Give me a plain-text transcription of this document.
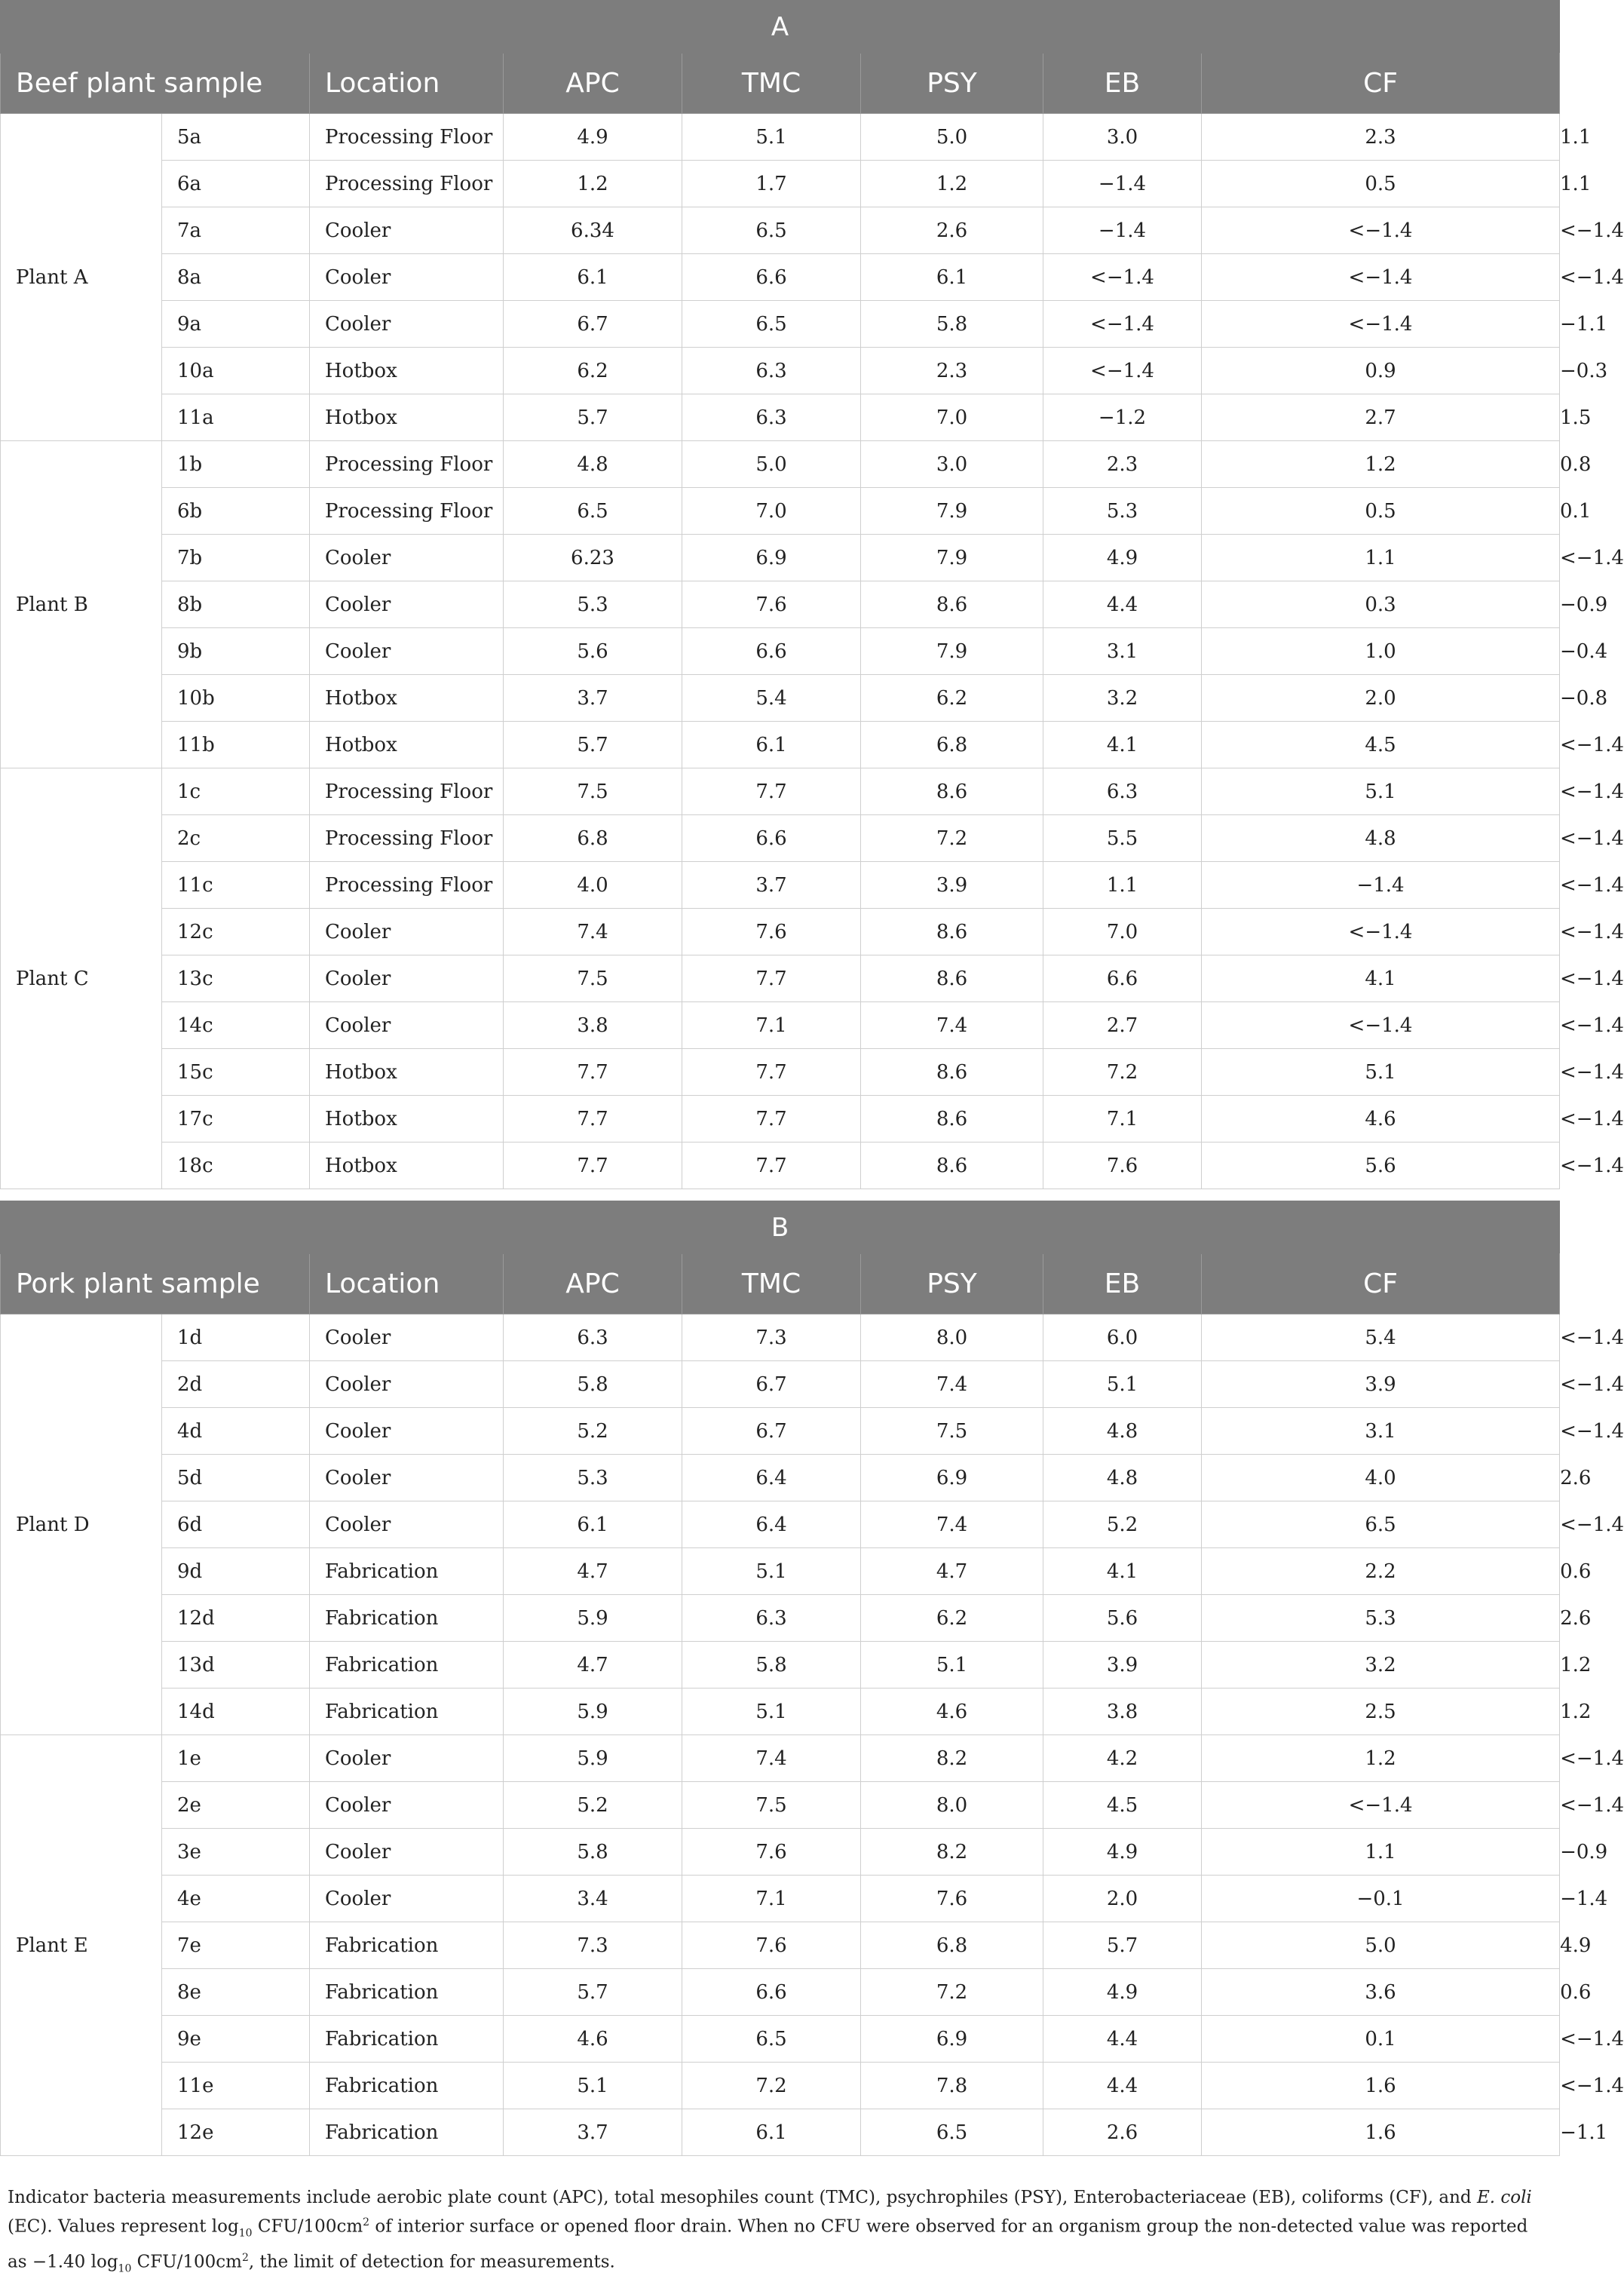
A								
Beef plant sample		Location	APC	TMC	PSY	EB	CF	EC
Plant A	5a	Processing Floor	4.9	5.1	5.0	3.0	2.3	1.1
	6a	Processing Floor	1.2	1.7	1.2	−1.4	0.5	1.1
	7a	Cooler	6.34	6.5	2.6	−1.4	<−1.4	<−1.4
	8a	Cooler	6.1	6.6	6.1	<−1.4	<−1.4	<−1.4
	9a	Cooler	6.7	6.5	5.8	<−1.4	<−1.4	−1.1
	10a	Hotbox	6.2	6.3	2.3	<−1.4	0.9	−0.3
	11a	Hotbox	5.7	6.3	7.0	−1.2	2.7	1.5
Plant B	1b	Processing Floor	4.8	5.0	3.0	2.3	1.2	0.8
	6b	Processing Floor	6.5	7.0	7.9	5.3	0.5	0.1
	7b	Cooler	6.23	6.9	7.9	4.9	1.1	<−1.4
	8b	Cooler	5.3	7.6	8.6	4.4	0.3	−0.9
	9b	Cooler	5.6	6.6	7.9	3.1	1.0	−0.4
	10b	Hotbox	3.7	5.4	6.2	3.2	2.0	−0.8
	11b	Hotbox	5.7	6.1	6.8	4.1	4.5	<−1.4
Plant C	1c	Processing Floor	7.5	7.7	8.6	6.3	5.1	<−1.4
	2c	Processing Floor	6.8	6.6	7.2	5.5	4.8	<−1.4
	11c	Processing Floor	4.0	3.7	3.9	1.1	−1.4	<−1.4
	12c	Cooler	7.4	7.6	8.6	7.0	<−1.4	<−1.4
	13c	Cooler	7.5	7.7	8.6	6.6	4.1	<−1.4
	14c	Cooler	3.8	7.1	7.4	2.7	<−1.4	<−1.4
	15c	Hotbox	7.7	7.7	8.6	7.2	5.1	<−1.4
	17c	Hotbox	7.7	7.7	8.6	7.1	4.6	<−1.4
	18c	Hotbox	7.7	7.7	8.6	7.6	5.6	<−1.4
B								
Pork plant sample		Location	APC	TMC	PSY	EB	CF	EC
Plant D	1d	Cooler	6.3	7.3	8.0	6.0	5.4	<−1.4
	2d	Cooler	5.8	6.7	7.4	5.1	3.9	<−1.4
	4d	Cooler	5.2	6.7	7.5	4.8	3.1	<−1.4
	5d	Cooler	5.3	6.4	6.9	4.8	4.0	2.6
	6d	Cooler	6.1	6.4	7.4	5.2	6.5	<−1.4
	9d	Fabrication	4.7	5.1	4.7	4.1	2.2	0.6
	12d	Fabrication	5.9	6.3	6.2	5.6	5.3	2.6
	13d	Fabrication	4.7	5.8	5.1	3.9	3.2	1.2
	14d	Fabrication	5.9	5.1	4.6	3.8	2.5	1.2
Plant E	1e	Cooler	5.9	7.4	8.2	4.2	1.2	<−1.4
	2e	Cooler	5.2	7.5	8.0	4.5	<−1.4	<−1.4
	3e	Cooler	5.8	7.6	8.2	4.9	1.1	−0.9
	4e	Cooler	3.4	7.1	7.6	2.0	−0.1	−1.4
	7e	Fabrication	7.3	7.6	6.8	5.7	5.0	4.9
	8e	Fabrication	5.7	6.6	7.2	4.9	3.6	0.6
	9e	Fabrication	4.6	6.5	6.9	4.4	0.1	<−1.4
	11e	Fabrication	5.1	7.2	7.8	4.4	1.6	<−1.4
	12e	Fabrication	3.7	6.1	6.5	2.6	1.6	−1.1
Indicator bacteria measurements include aerobic plate count (APC), total mesophiles count (TMC), psychrophiles (PSY), Enterobacteriaceae (EB), coliforms (CF), and E. coli (EC). Values represent $\log_{10} CFU/100cm^2$ of interior surface or opened floor drain. When no CFU were observed for an organism group the non-detected value was reported as −1.40 $\log_{10} CFU/100cm^2$, the limit of detection for measurements.
